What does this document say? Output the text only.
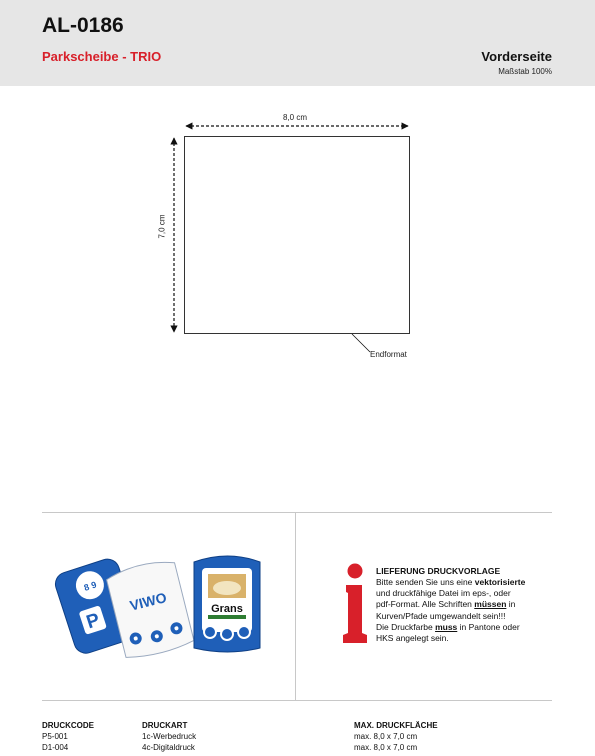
AL-0186
Parkscheibe - TRIO	Vorderseite
Maßstab 100%
8,0 cm
7,0 cm
Endformat
8 9
P
VIWO	Grans
LIEFERUNG DRUCKVORLAGE
Bitte senden Sie uns eine vektorisierte
und druckfähige Datei im eps-, oder
pdf-Format. Alle Schriften müssen in
Kurven/Pfade umgewandelt sein!!!
Die Druckfarbe muss in Pantone oder
HKS angelegt sein.
DRUCKCODE	DRUCKART	MAX. DRUCKFLÄCHE
P5-001	1c-Werbedruck	max. 8,0 x 7,0 cm
D1-004	4c-Digitaldruck	max. 8,0 x 7,0 cm
